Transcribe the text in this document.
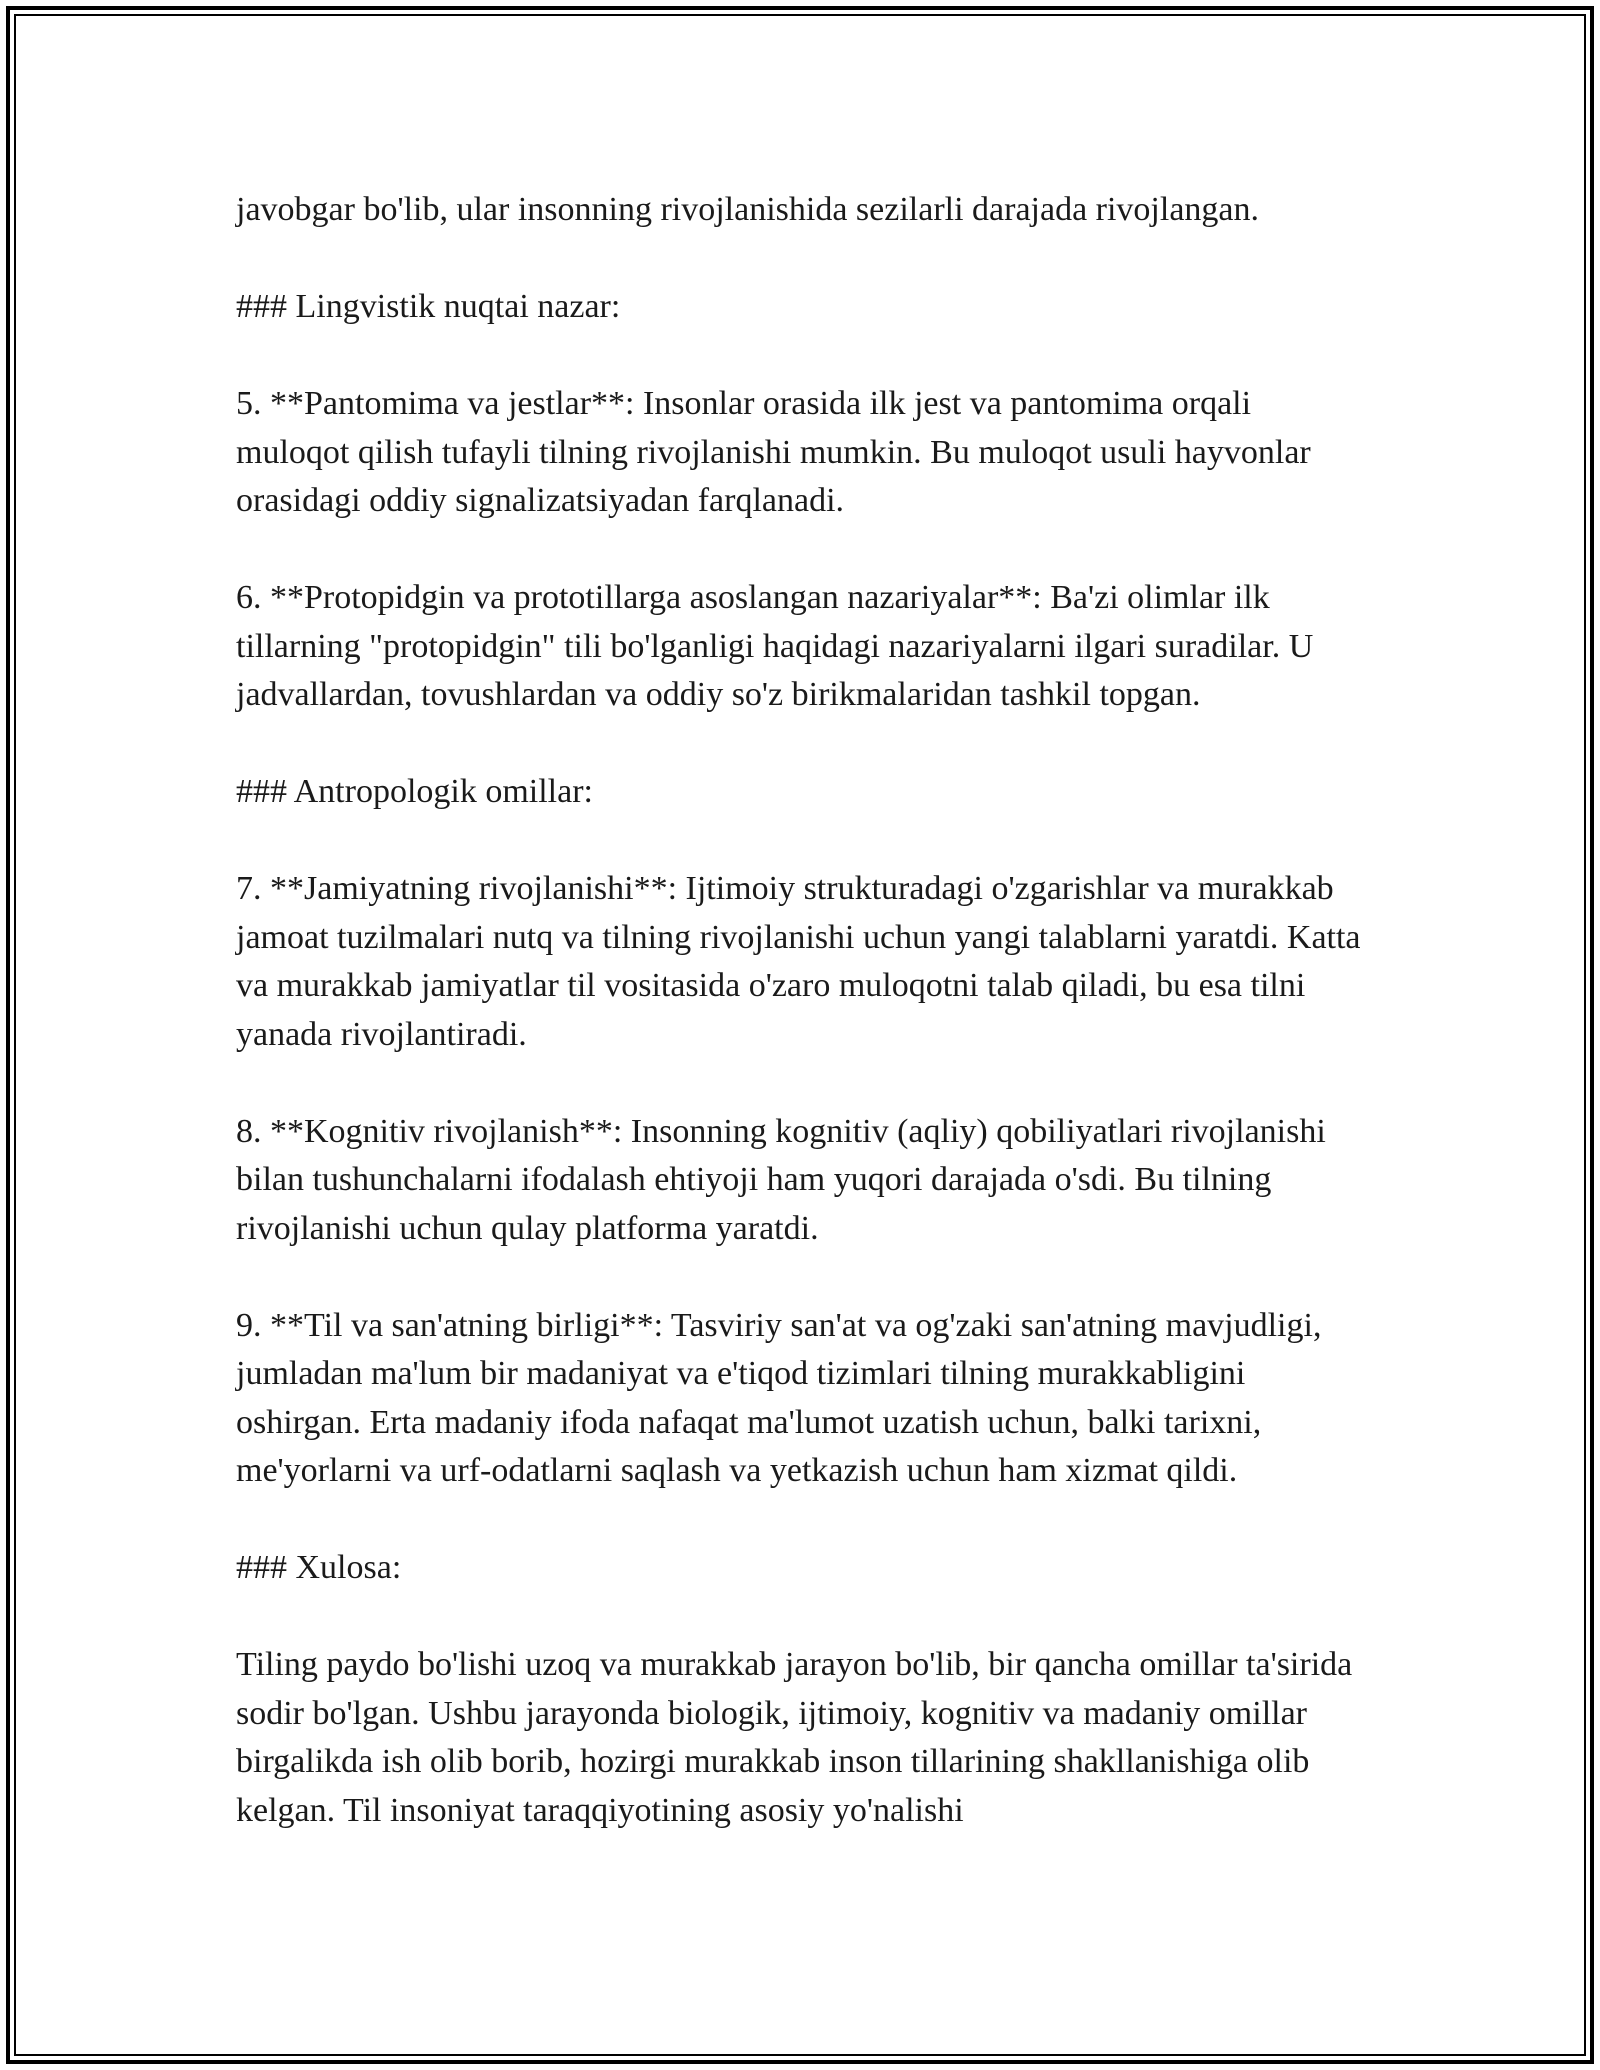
javobgar bo'lib, ular insonning rivojlanishida sezilarli darajada rivojlangan.

### Lingvistik nuqtai nazar:

5. **Pantomima va jestlar**: Insonlar orasida ilk jest va pantomima orqali muloqot qilish tufayli tilning rivojlanishi mumkin. Bu muloqot usuli hayvonlar orasidagi oddiy signalizatsiyadan farqlanadi.

6. **Protopidgin va prototillarga asoslangan nazariyalar**: Ba'zi olimlar ilk tillarning "protopidgin" tili bo'lganligi haqidagi nazariyalarni ilgari suradilar. U jadvallardan, tovushlardan va oddiy so'z birikmalaridan tashkil topgan.

### Antropologik omillar:

7. **Jamiyatning rivojlanishi**: Ijtimoiy strukturadagi o'zgarishlar va murakkab jamoat tuzilmalari nutq va tilning rivojlanishi uchun yangi talablarni yaratdi. Katta va murakkab jamiyatlar til vositasida o'zaro muloqotni talab qiladi, bu esa tilni yanada rivojlantiradi.

8. **Kognitiv rivojlanish**: Insonning kognitiv (aqliy) qobiliyatlari rivojlanishi bilan tushunchalarni ifodalash ehtiyoji ham yuqori darajada o'sdi. Bu tilning rivojlanishi uchun qulay platforma yaratdi.

9. **Til va san'atning birligi**: Tasviriy san'at va og'zaki san'atning mavjudligi, jumladan ma'lum bir madaniyat va e'tiqod tizimlari tilning murakkabligini oshirgan. Erta madaniy ifoda nafaqat ma'lumot uzatish uchun, balki tarixni, me'yorlarni va urf-odatlarni saqlash va yetkazish uchun ham xizmat qildi.

### Xulosa:

Tiling paydo bo'lishi uzoq va murakkab jarayon bo'lib, bir qancha omillar ta'sirida sodir bo'lgan. Ushbu jarayonda biologik, ijtimoiy, kognitiv va madaniy omillar birgalikda ish olib borib, hozirgi murakkab inson tillarining shakllanishiga olib kelgan. Til insoniyat taraqqiyotining asosiy yo'nalishi
